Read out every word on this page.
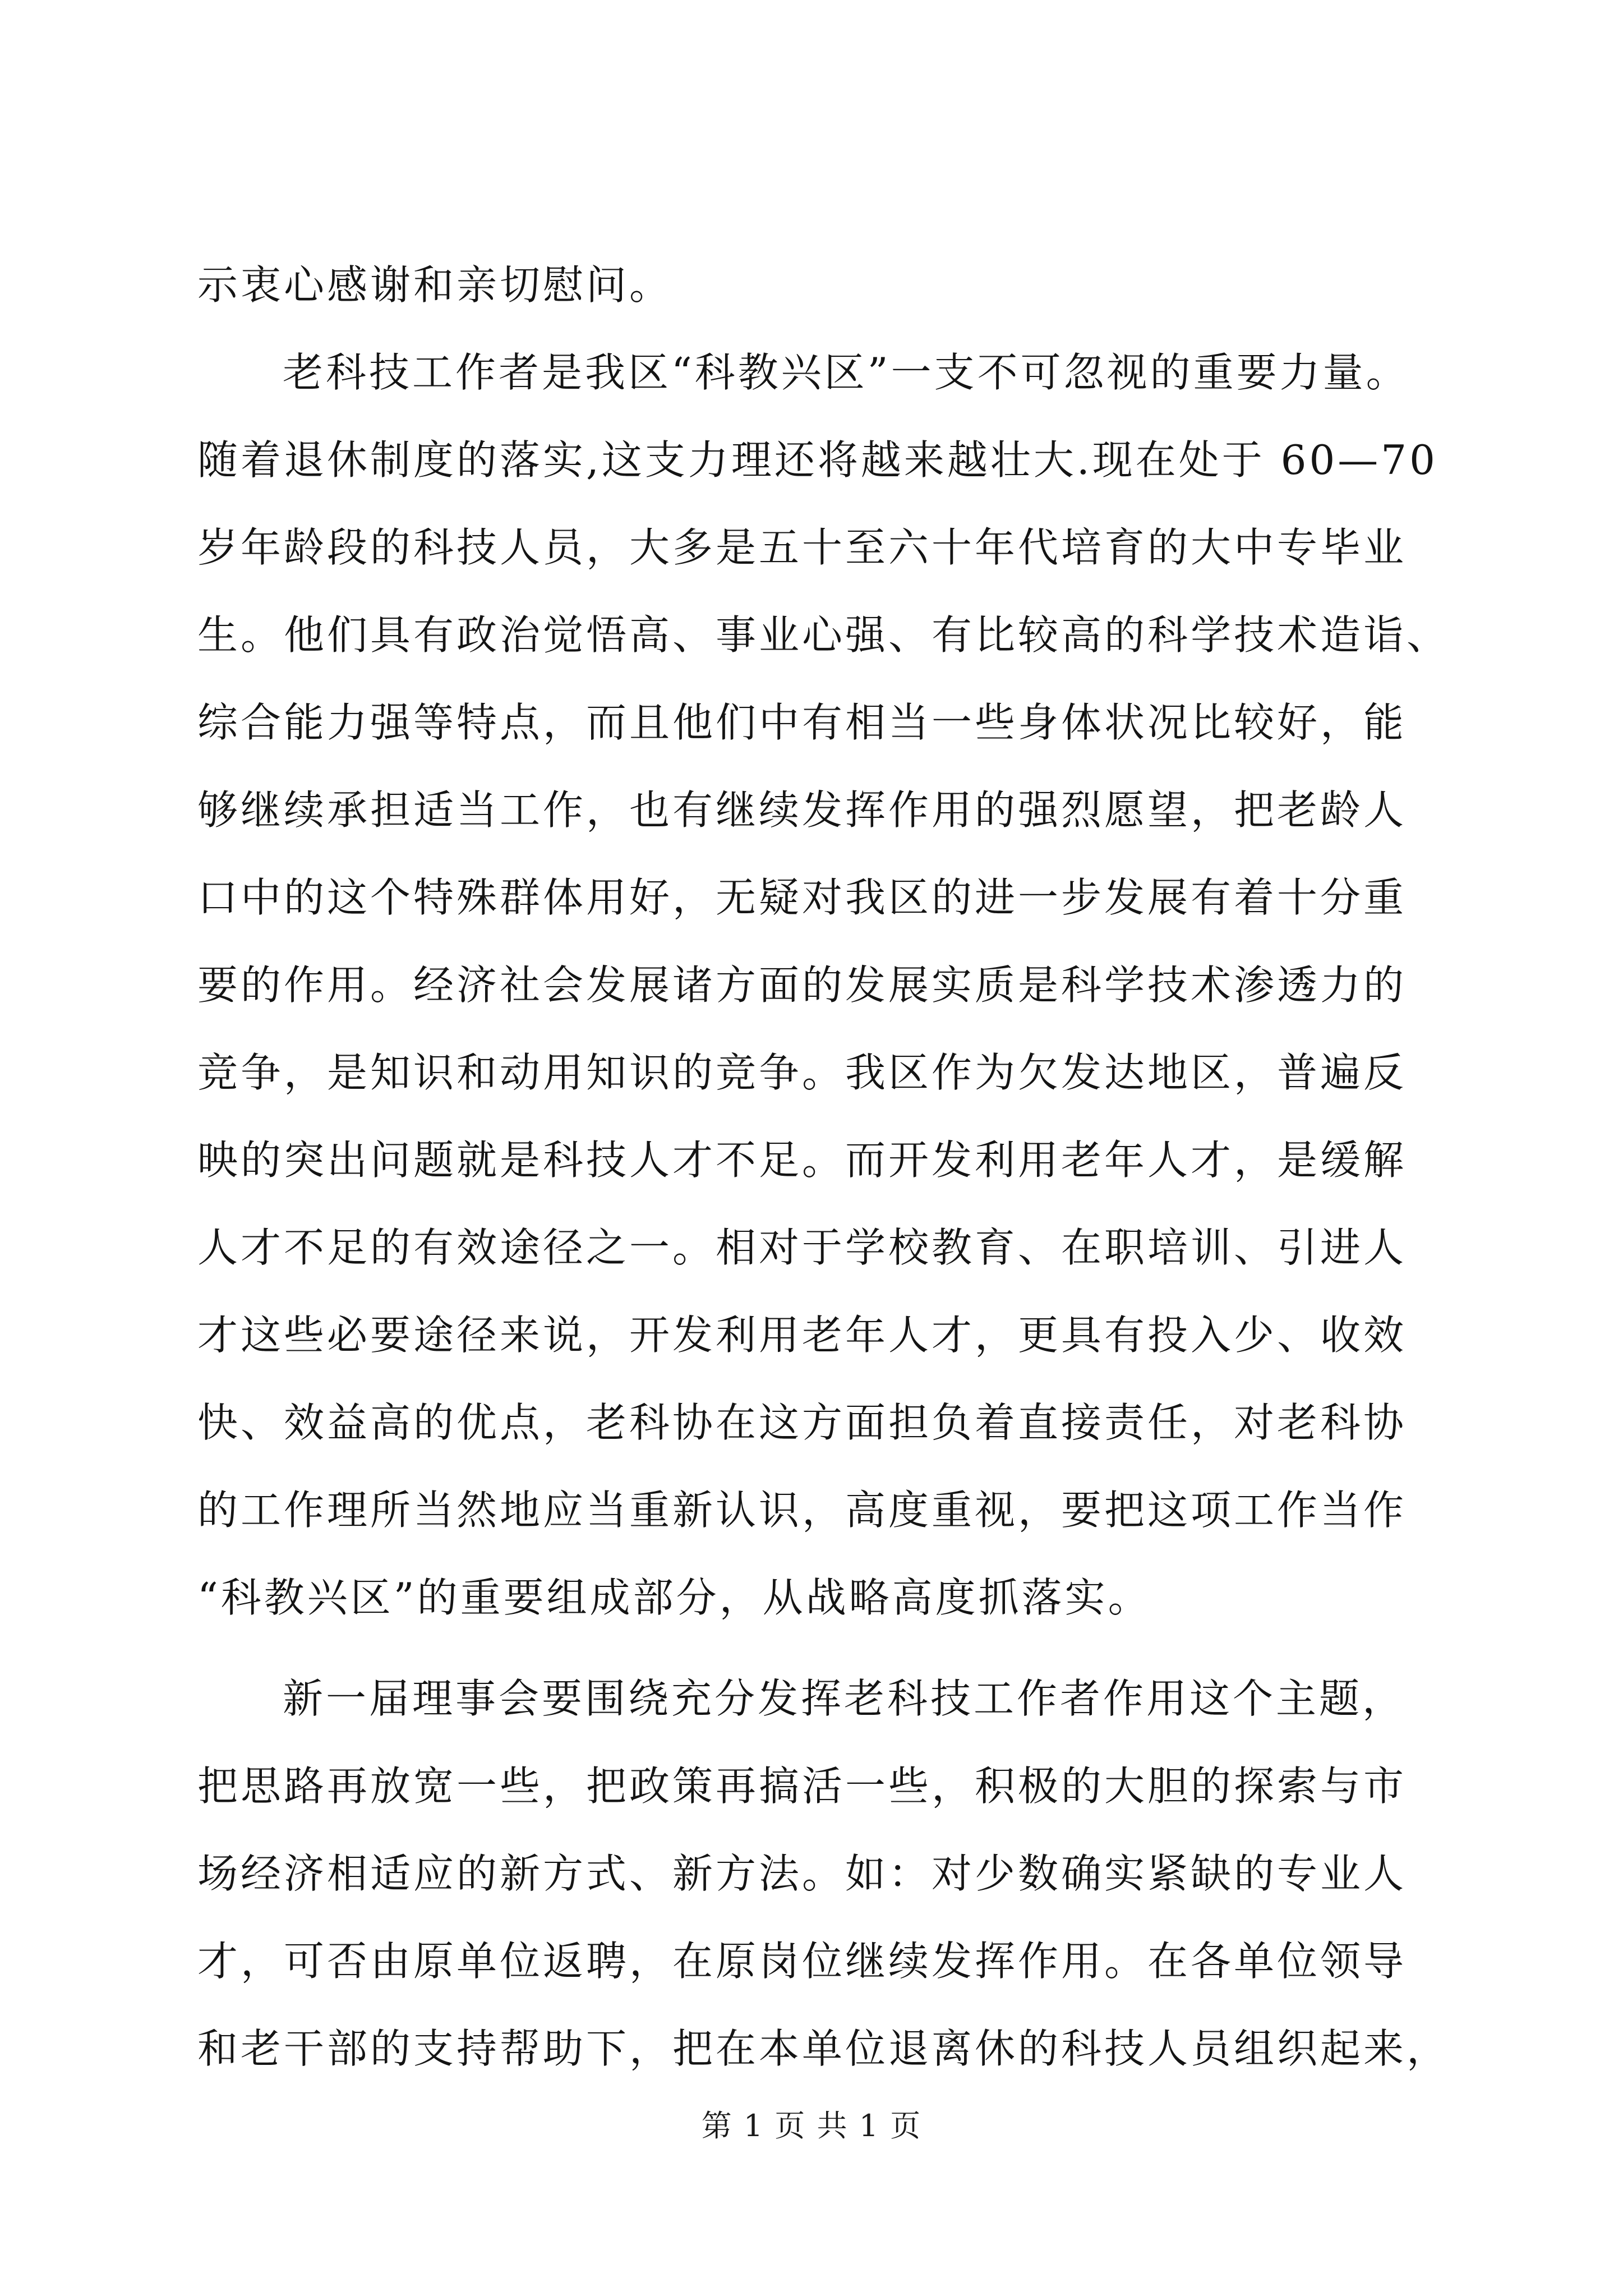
示衷心感谢和亲切慰问。
老科技工作者是我区“科教兴区”一支不可忽视的重要力量。
随着退休制度的落实,这支力理还将越来越壮大.现在处于 60—70
岁年龄段的科技人员，大多是五十至六十年代培育的大中专毕业
生。他们具有政治觉悟高、事业心强、有比较高的科学技术造诣、
综合能力强等特点，而且他们中有相当一些身体状况比较好，能
够继续承担适当工作，也有继续发挥作用的强烈愿望，把老龄人
口中的这个特殊群体用好，无疑对我区的进一步发展有着十分重
要的作用。经济社会发展诸方面的发展实质是科学技术渗透力的
竞争，是知识和动用知识的竞争。我区作为欠发达地区，普遍反
映的突出问题就是科技人才不足。而开发利用老年人才，是缓解
人才不足的有效途径之一。相对于学校教育、在职培训、引进人
才这些必要途径来说，开发利用老年人才，更具有投入少、收效
快、效益高的优点，老科协在这方面担负着直接责任，对老科协
的工作理所当然地应当重新认识，高度重视，要把这项工作当作
“科教兴区”的重要组成部分，从战略高度抓落实。
新一届理事会要围绕充分发挥老科技工作者作用这个主题，
把思路再放宽一些，把政策再搞活一些，积极的大胆的探索与市
场经济相适应的新方式、新方法。如：对少数确实紧缺的专业人
才，可否由原单位返聘，在原岗位继续发挥作用。在各单位领导
和老干部的支持帮助下，把在本单位退离休的科技人员组织起来，
第 1 页 共 1 页
